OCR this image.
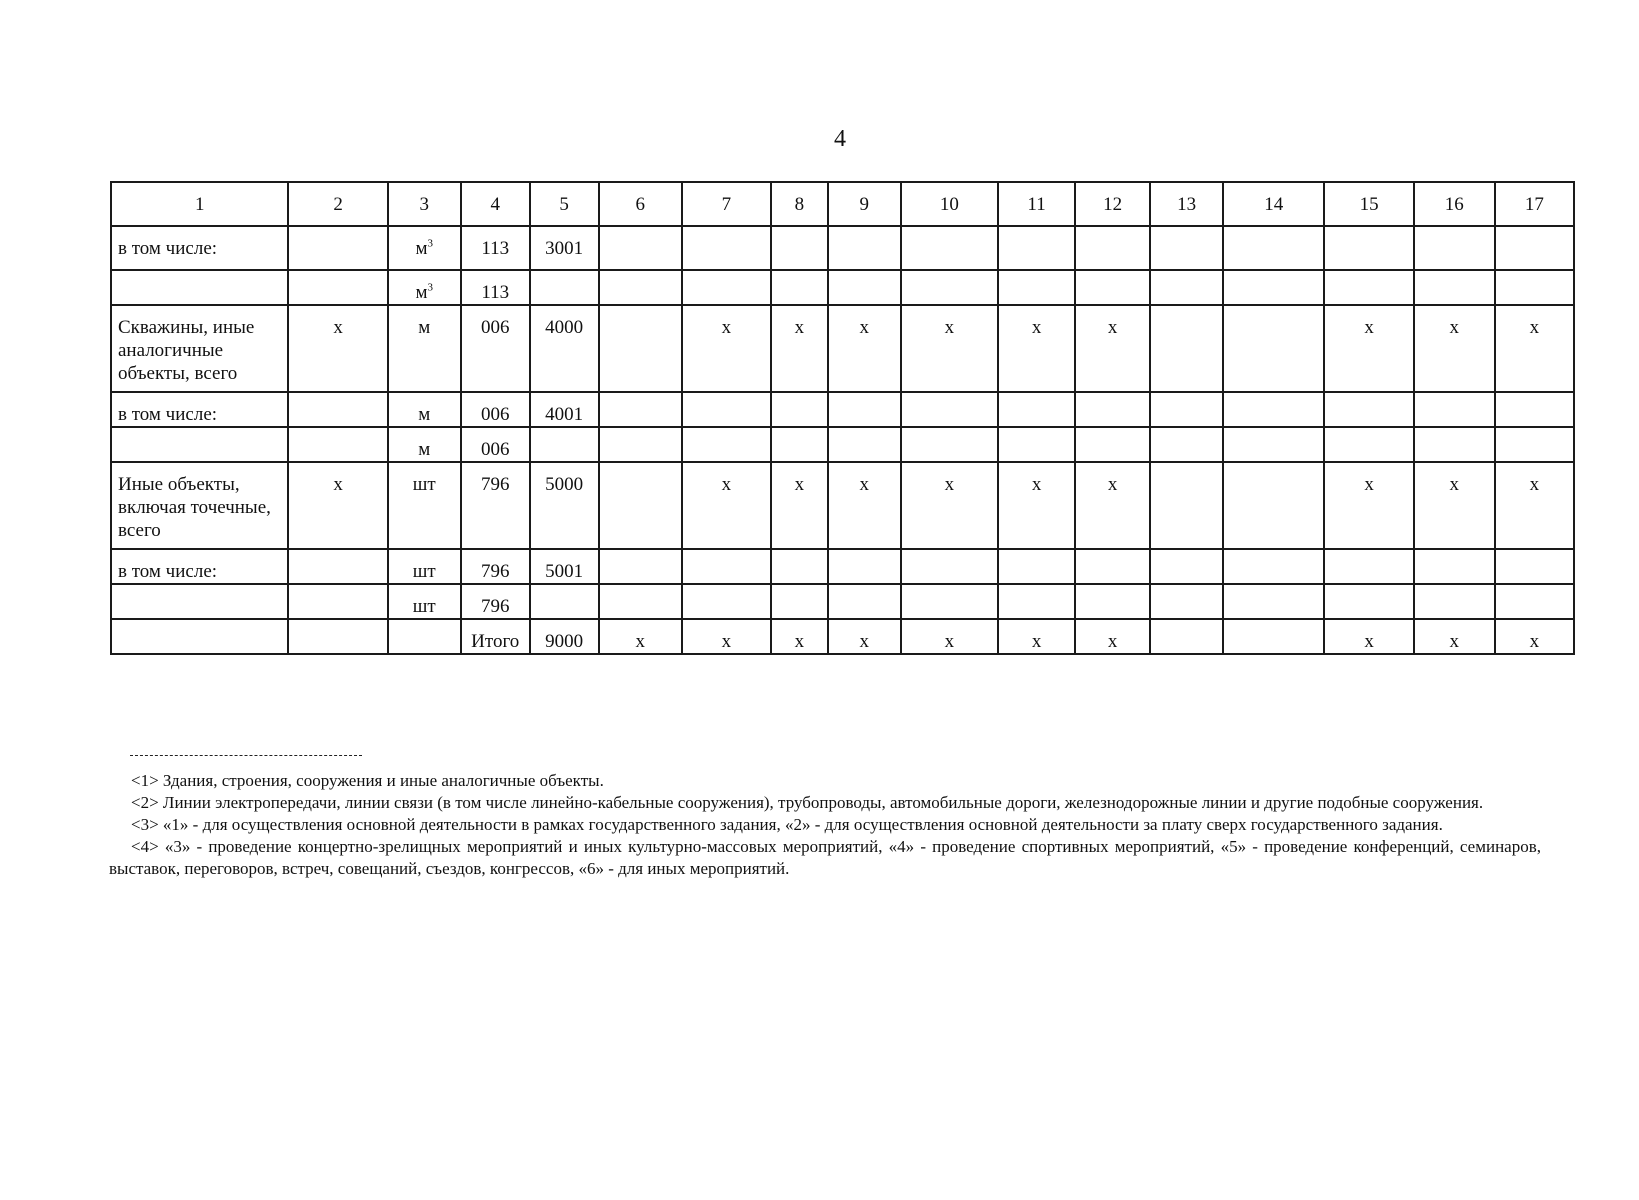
4
1	2	3	4	5	6	7	8	9	10	11	12	13	14	15	16	17
в том числе:		$м^3$	113	3001												
		$м^3$	113													
Скважины, иные аналогичные объекты, всего	х	м	006	4000		х	х	х	х	х	х			х	х	х
в том числе:		м	006	4001												
		м	006													
Иные объекты, включая точечные, всего	х	шт	796	5000		х	х	х	х	х	х			х	х	х
в том числе:		шт	796	5001												
		шт	796													
			Итого	9000	х	х	х	х	х	х	х			х	х	х

<1> Здания, строения, сооружения и иные аналогичные объекты.

<2> Линии электропередачи, линии связи (в том числе линейно-кабельные сооружения), трубопроводы, автомобильные дороги, железнодорожные линии и другие подобные сооружения.

<3> «1» - для осуществления основной деятельности в рамках государственного задания, «2» - для осуществления основной деятельности за плату сверх государственного задания.

<4> «3» - проведение концертно-зрелищных мероприятий и иных культурно-массовых мероприятий, «4» - проведение спортивных мероприятий, «5» - проведение конференций, семинаров, выставок, переговоров, встреч, совещаний, съездов, конгрессов, «6» - для иных мероприятий.
